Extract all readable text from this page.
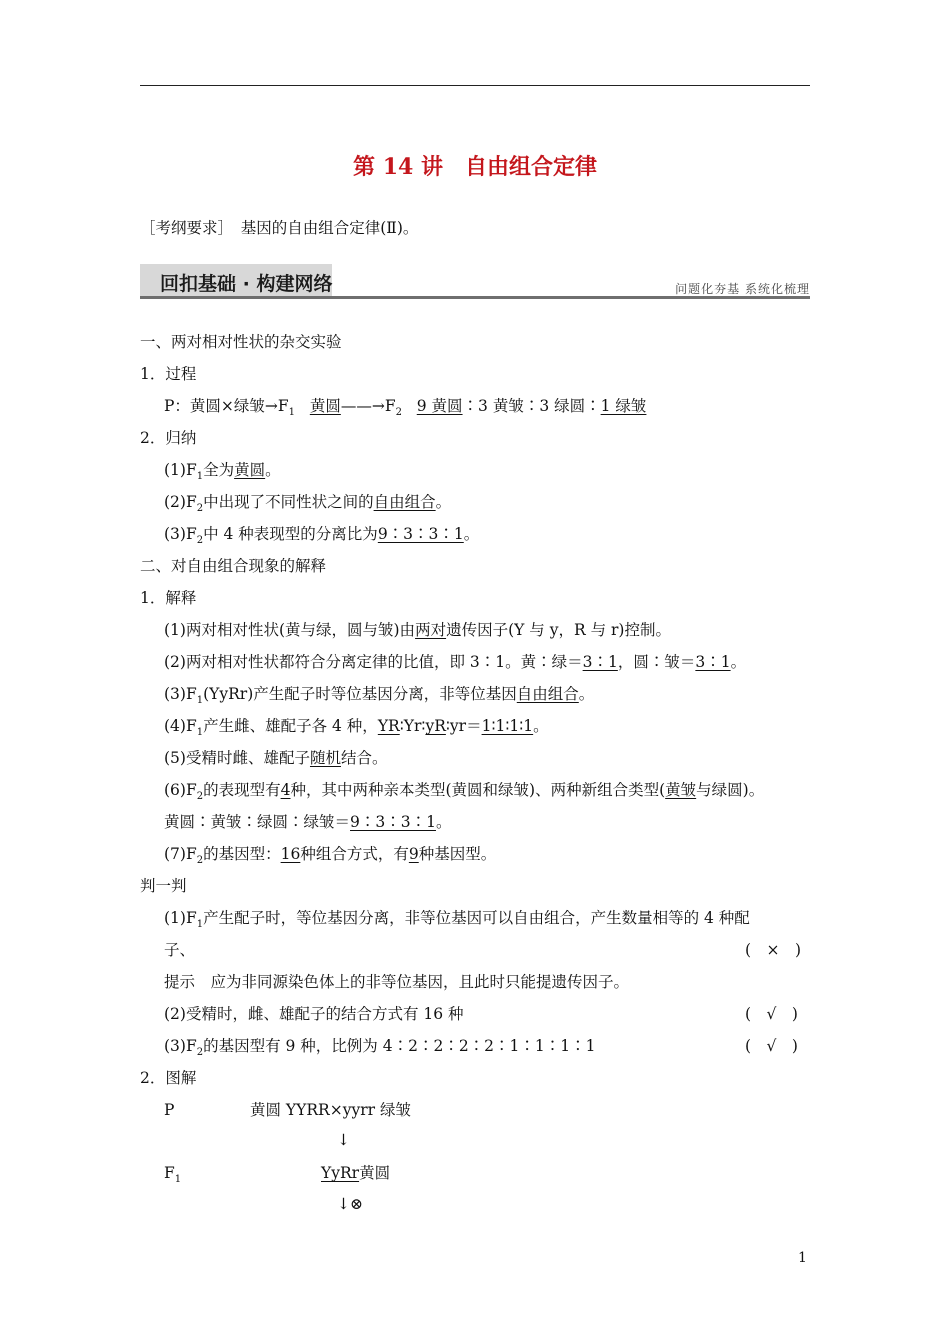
第 14 讲　自由组合定律
［考纲要求］　基因的自由组合定律(Ⅱ)。
回扣基础 · 构建网络	问题化夯基 系统化梳理
一、两对相对性状的杂交实验
1．过程
P：黄圆×绿皱$\to F_1$ 黄圆$——\to F_2$ 9 黄圆∶3 黄皱∶3 绿圆∶1 绿皱
2．归纳
$(1)F_1$全为黄圆。
$(2)F_2$中出现了不同性状之间的自由组合。
$(3)F_2$中 4 种表现型的分离比为9∶3∶3∶1。
二、对自由组合现象的解释
1．解释
(1)两对相对性状(黄与绿，圆与皱)由两对遗传因子(Y 与 y，R 与 r)控制。
(2)两对相对性状都符合分离定律的比值，即 3∶1。黄∶绿＝3∶1，圆∶皱＝3∶1。
$(3)F_1(YyRr)$产生配子时等位基因分离，非等位基因自由组合。
$(4)F_1$产生雌、雄配子各 4 种，YR∶Yr∶yR∶yr＝1∶1∶1∶1。
(5)受精时雌、雄配子随机结合。
$(6)F_2$的表现型有4种，其中两种亲本类型(黄圆和绿皱)、两种新组合类型(黄皱与绿圆)。
黄圆∶黄皱∶绿圆∶绿皱＝9∶3∶3∶1。
$(7)F_2$的基因型：16种组合方式，有9种基因型。
判一判
$(1)F_1$产生配子时，等位基因分离，非等位基因可以自由组合，产生数量相等的 4 种配
子、	(　×　)
提示　应为非同源染色体上的非等位基因，且此时只能提遗传因子。
(2)受精时，雌、雄配子的结合方式有 16 种	(　√　)
$(3)F_2$的基因型有 9 种，比例为 4∶2∶2∶2∶2∶1∶1∶1∶1	(　√　)
2．图解
P	黄圆 YYRR×yyrr 绿皱
↓
$F_1$	YyRr黄圆
↓⊗
1
